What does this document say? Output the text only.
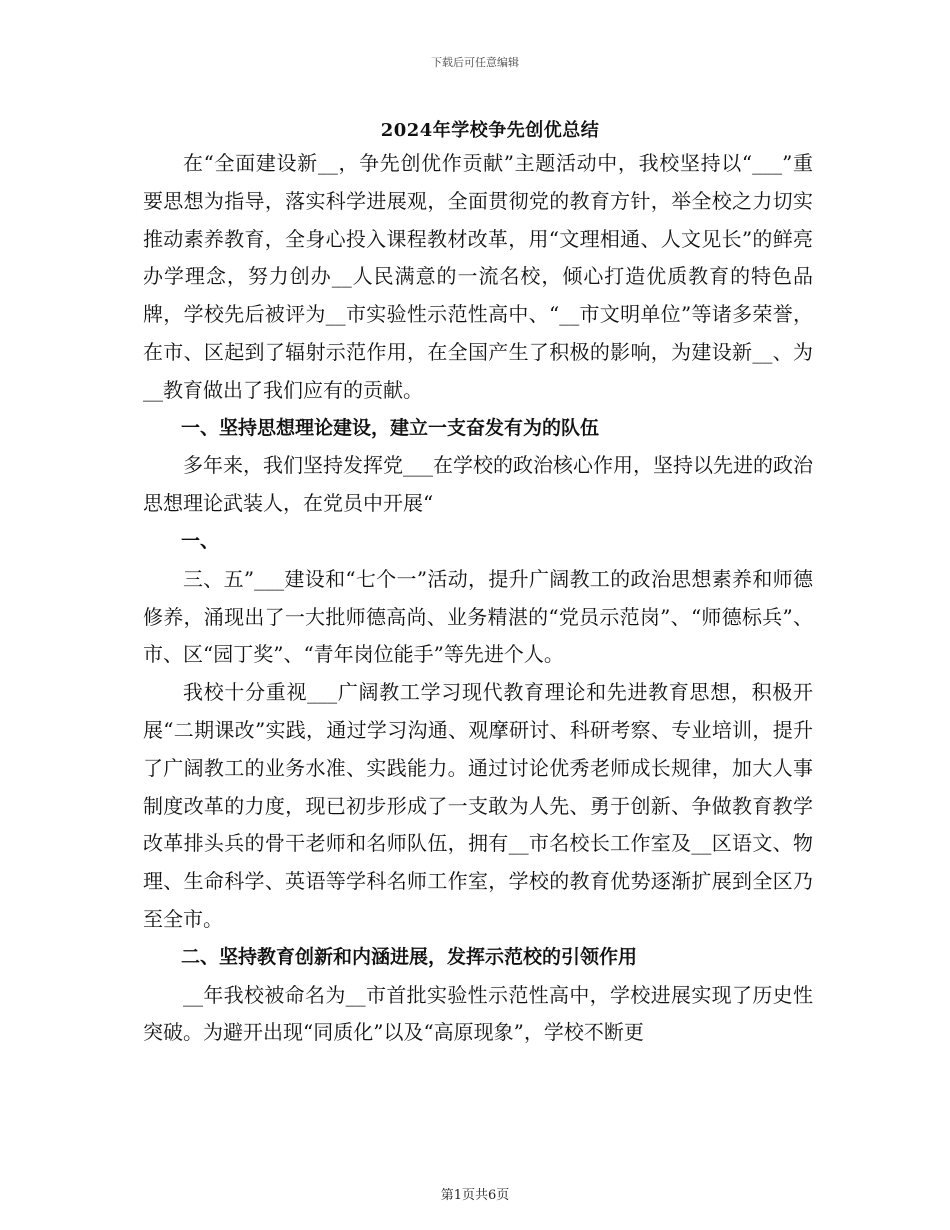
下载后可任意编辑
2024年学校争先创优总结

在“全面建设新__，争先创优作贡献”主题活动中，我校坚持以“___”重要思想为指导，落实科学进展观，全面贯彻党的教育方针，举全校之力切实推动素养教育，全身心投入课程教材改革，用“文理相通、人文见长”的鲜亮办学理念，努力创办__人民满意的一流名校，倾心打造优质教育的特色品牌，学校先后被评为__市实验性示范性高中、“__市文明单位”等诸多荣誉，在市、区起到了辐射示范作用，在全国产生了积极的影响，为建设新__、为__教育做出了我们应有的贡献。

一、坚持思想理论建设，建立一支奋发有为的队伍

多年来，我们坚持发挥党___在学校的政治核心作用，坚持以先进的政治思想理论武装人，在党员中开展“

一、

三、五”___建设和“七个一”活动，提升广阔教工的政治思想素养和师德修养，涌现出了一大批师德高尚、业务精湛的“党员示范岗”、“师德标兵”、市、区“园丁奖”、“青年岗位能手”等先进个人。

我校十分重视___广阔教工学习现代教育理论和先进教育思想，积极开展“二期课改”实践，通过学习沟通、观摩研讨、科研考察、专业培训，提升了广阔教工的业务水准、实践能力。通过讨论优秀老师成长规律，加大人事制度改革的力度，现已初步形成了一支敢为人先、勇于创新、争做教育教学改革排头兵的骨干老师和名师队伍，拥有__市名校长工作室及__区语文、物理、生命科学、英语等学科名师工作室，学校的教育优势逐渐扩展到全区乃至全市。

二、坚持教育创新和内涵进展，发挥示范校的引领作用

__年我校被命名为__市首批实验性示范性高中，学校进展实现了历史性突破。为避开出现“同质化”以及“高原现象”，学校不断更

第1页共6页
